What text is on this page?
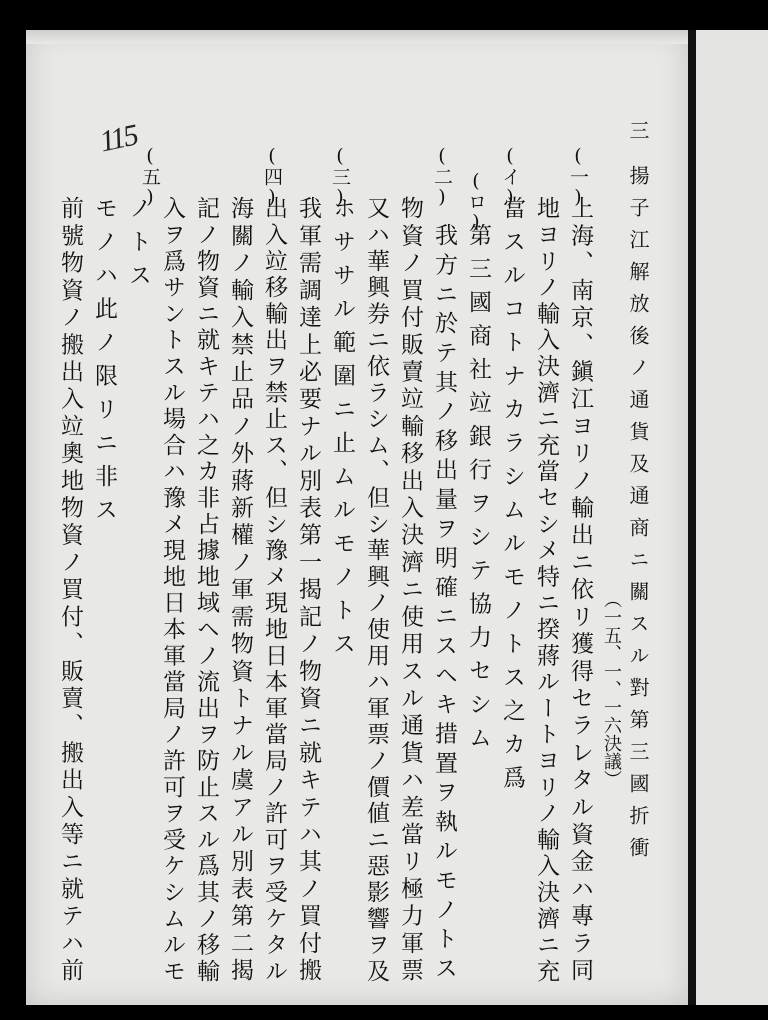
115	三
揚子江解放後ノ通貨及通商ニ關スル對第三國折衝
（一五、一、一六決議）
(一)
上海、南京、鎭江ヨリノ輸出ニ依リ獲得セラレタル資金ハ專ラ同
地ヨリノ輸入決濟ニ充當セシメ特ニ揆蔣ルートヨリノ輸入決濟ニ充
當スルコトナカラシムルモノトス之カ爲
(イ)
第三國商社竝銀行ヲシテ協力セシム
(ロ)
我方ニ於テ其ノ移出量ヲ明確ニスヘキ措置ヲ執ルモノトス
物資ノ買付販賣竝輸移出入決濟ニ使用スル通貨ハ差當リ極力軍票
又ハ華興券ニ依ラシム、但シ華興ノ使用ハ軍票ノ價値ニ惡影響ヲ及
ホササル範圍ニ止ムルモノトス
(二)
我軍需調達上必要ナル別表第一揭記ノ物資ニ就キテハ其ノ買付搬
出入竝移輸出ヲ禁止ス、但シ豫メ現地日本軍當局ノ許可ヲ受ケタル
(三)
海關ノ輸入禁止品ノ外蔣新權ノ軍需物資トナル虞アル別表第二揭
記ノ物資ニ就キテハ之カ非占據地域ヘノ流出ヲ防止スル爲其ノ移輸
入ヲ爲サントスル場合ハ豫メ現地日本軍當局ノ許可ヲ受ケシムルモ
ノトス
(四)
モノハ此ノ限リニ非ス
(五)
前號物資ノ搬出入竝奧地物資ノ買付、販賣、搬出入等ニ就テハ前
